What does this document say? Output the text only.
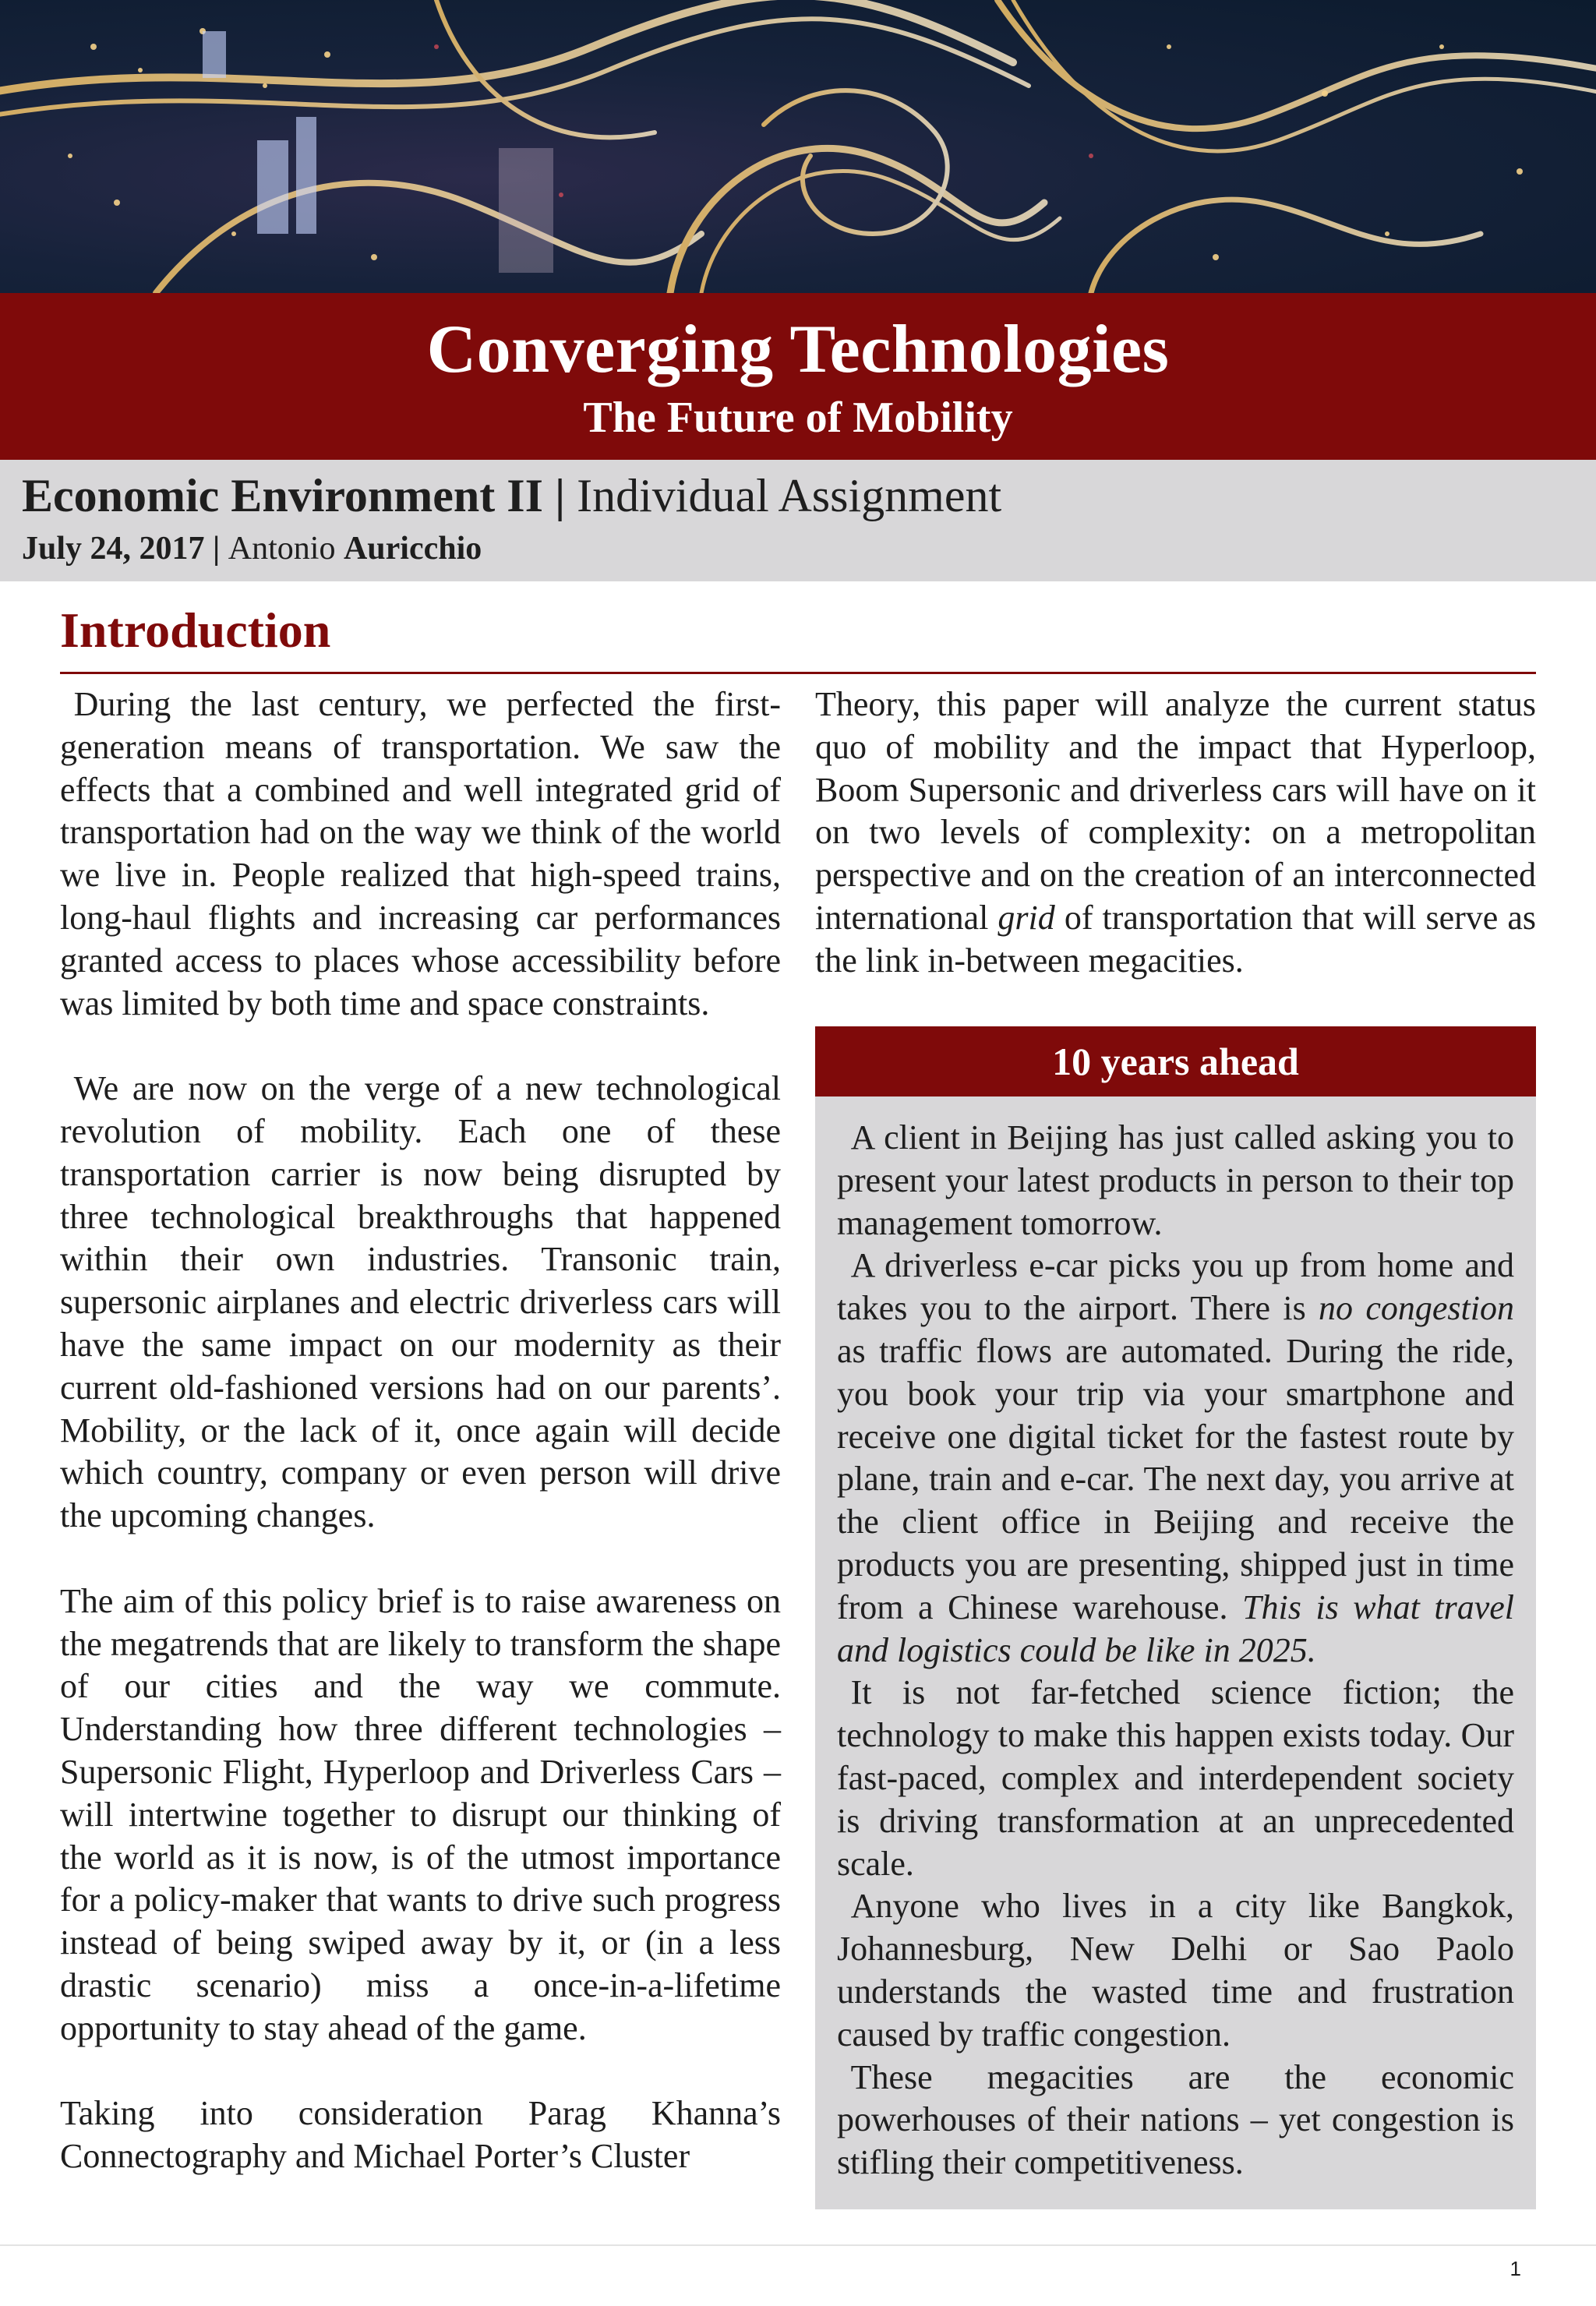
Converging Technologies
The Future of Mobility
Economic Environment II | Individual Assignment
July 24, 2017 | Antonio Auricchio
Introduction

During the last century, we perfected the first-generation means of transportation. We saw the effects that a combined and well integrated grid of transportation had on the way we think of the world we live in. People realized that high-speed trains, long-haul flights and increasing car performances granted access to places whose accessibility before was limited by both time and space constraints.

We are now on the verge of a new technological revolution of mobility. Each one of these transportation carrier is now being disrupted by three technological breakthroughs that happened within their own industries. Transonic train, supersonic airplanes and electric driverless cars will have the same impact on our modernity as their current old-fashioned versions had on our parents’. Mobility, or the lack of it, once again will decide which country, company or even person will drive the upcoming changes.

The aim of this policy brief is to raise awareness on the megatrends that are likely to transform the shape of our cities and the way we commute. Understanding how three different technologies – Supersonic Flight, Hyperloop and Driverless Cars – will intertwine together to disrupt our thinking of the world as it is now, is of the utmost importance for a policy-maker that wants to drive such progress instead of being swiped away by it, or (in a less drastic scenario) miss a once-in-a-lifetime opportunity to stay ahead of the game.

Taking into consideration Parag Khanna’s Connectography and Michael Porter’s Cluster

Theory, this paper will analyze the current status quo of mobility and the impact that Hyperloop, Boom Supersonic and driverless cars will have on it on two levels of complexity: on a metropolitan perspective and on the creation of an interconnected international grid of transportation that will serve as the link in-between megacities.

10 years ahead

A client in Beijing has just called asking you to present your latest products in person to their top management tomorrow.

A driverless e-car picks you up from home and takes you to the airport. There is no congestion as traffic flows are automated. During the ride, you book your trip via your smartphone and receive one digital ticket for the fastest route by plane, train and e-car. The next day, you arrive at the client office in Beijing and receive the products you are presenting, shipped just in time from a Chinese warehouse. This is what travel and logistics could be like in 2025.

It is not far-fetched science fiction; the technology to make this happen exists today. Our fast-paced, complex and interdependent society is driving transformation at an unprecedented scale.

Anyone who lives in a city like Bangkok, Johannesburg, New Delhi or Sao Paolo understands the wasted time and frustration caused by traffic congestion.

These megacities are the economic powerhouses of their nations – yet congestion is stifling their competitiveness.

1
